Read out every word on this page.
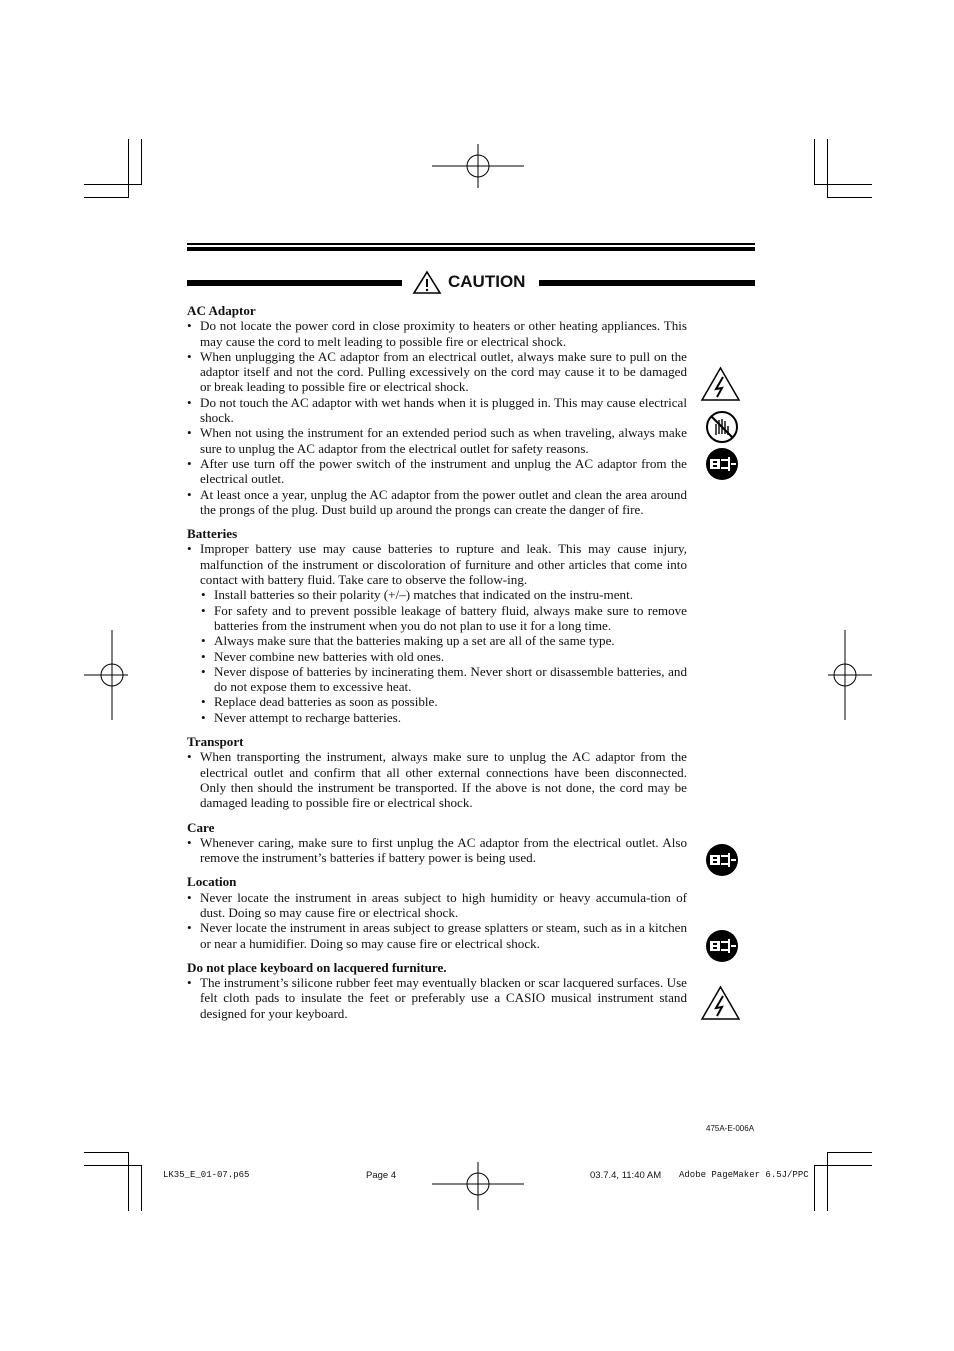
CAUTION
AC Adaptor
• Do not locate the power cord in close proximity to heaters or other heating appliances. This may cause the cord to melt leading to possible fire or electrical shock.
• When unplugging the AC adaptor from an electrical outlet, always make sure to pull on the adaptor itself and not the cord. Pulling excessively on the cord may cause it to be damaged or break leading to possible fire or electrical shock.
• Do not touch the AC adaptor with wet hands when it is plugged in. This may cause electrical shock.
• When not using the instrument for an extended period such as when traveling, always make sure to unplug the AC adaptor from the electrical outlet for safety reasons.
• After use turn off the power switch of the instrument and unplug the AC adaptor from the electrical outlet.
• At least once a year, unplug the AC adaptor from the power outlet and clean the area around the prongs of the plug. Dust build up around the prongs can create the danger of fire.
Batteries
• Improper battery use may cause batteries to rupture and leak. This may cause injury, malfunction of the instrument or discoloration of furniture and other articles that come into contact with battery fluid. Take care to observe the follow-ing.
• Install batteries so their polarity (+/–) matches that indicated on the instru-ment.
• For safety and to prevent possible leakage of battery fluid, always make sure to remove batteries from the instrument when you do not plan to use it for a long time.
• Always make sure that the batteries making up a set are all of the same type.
• Never combine new batteries with old ones.
• Never dispose of batteries by incinerating them. Never short or disassemble batteries, and do not expose them to excessive heat.
• Replace dead batteries as soon as possible.
• Never attempt to recharge batteries.
Transport
• When transporting the instrument, always make sure to unplug the AC adaptor from the electrical outlet and confirm that all other external connections have been disconnected. Only then should the instrument be transported. If the above is not done, the cord may be damaged leading to possible fire or electrical shock.
Care
• Whenever caring, make sure to first unplug the AC adaptor from the electrical outlet. Also remove the instrument’s batteries if battery power is being used.
Location
• Never locate the instrument in areas subject to high humidity or heavy accumula-tion of dust. Doing so may cause fire or electrical shock.
• Never locate the instrument in areas subject to grease splatters or steam, such as in a kitchen or near a humidifier. Doing so may cause fire or electrical shock.
Do not place keyboard on lacquered furniture.
• The instrument’s silicone rubber feet may eventually blacken or scar lacquered surfaces. Use felt cloth pads to insulate the feet or preferably use a CASIO musical instrument stand designed for your keyboard.
475A-E-006A
LK35_E_01-07.p65	Page 4	03.7.4, 11:40 AM Adobe PageMaker 6.5J/PPC
